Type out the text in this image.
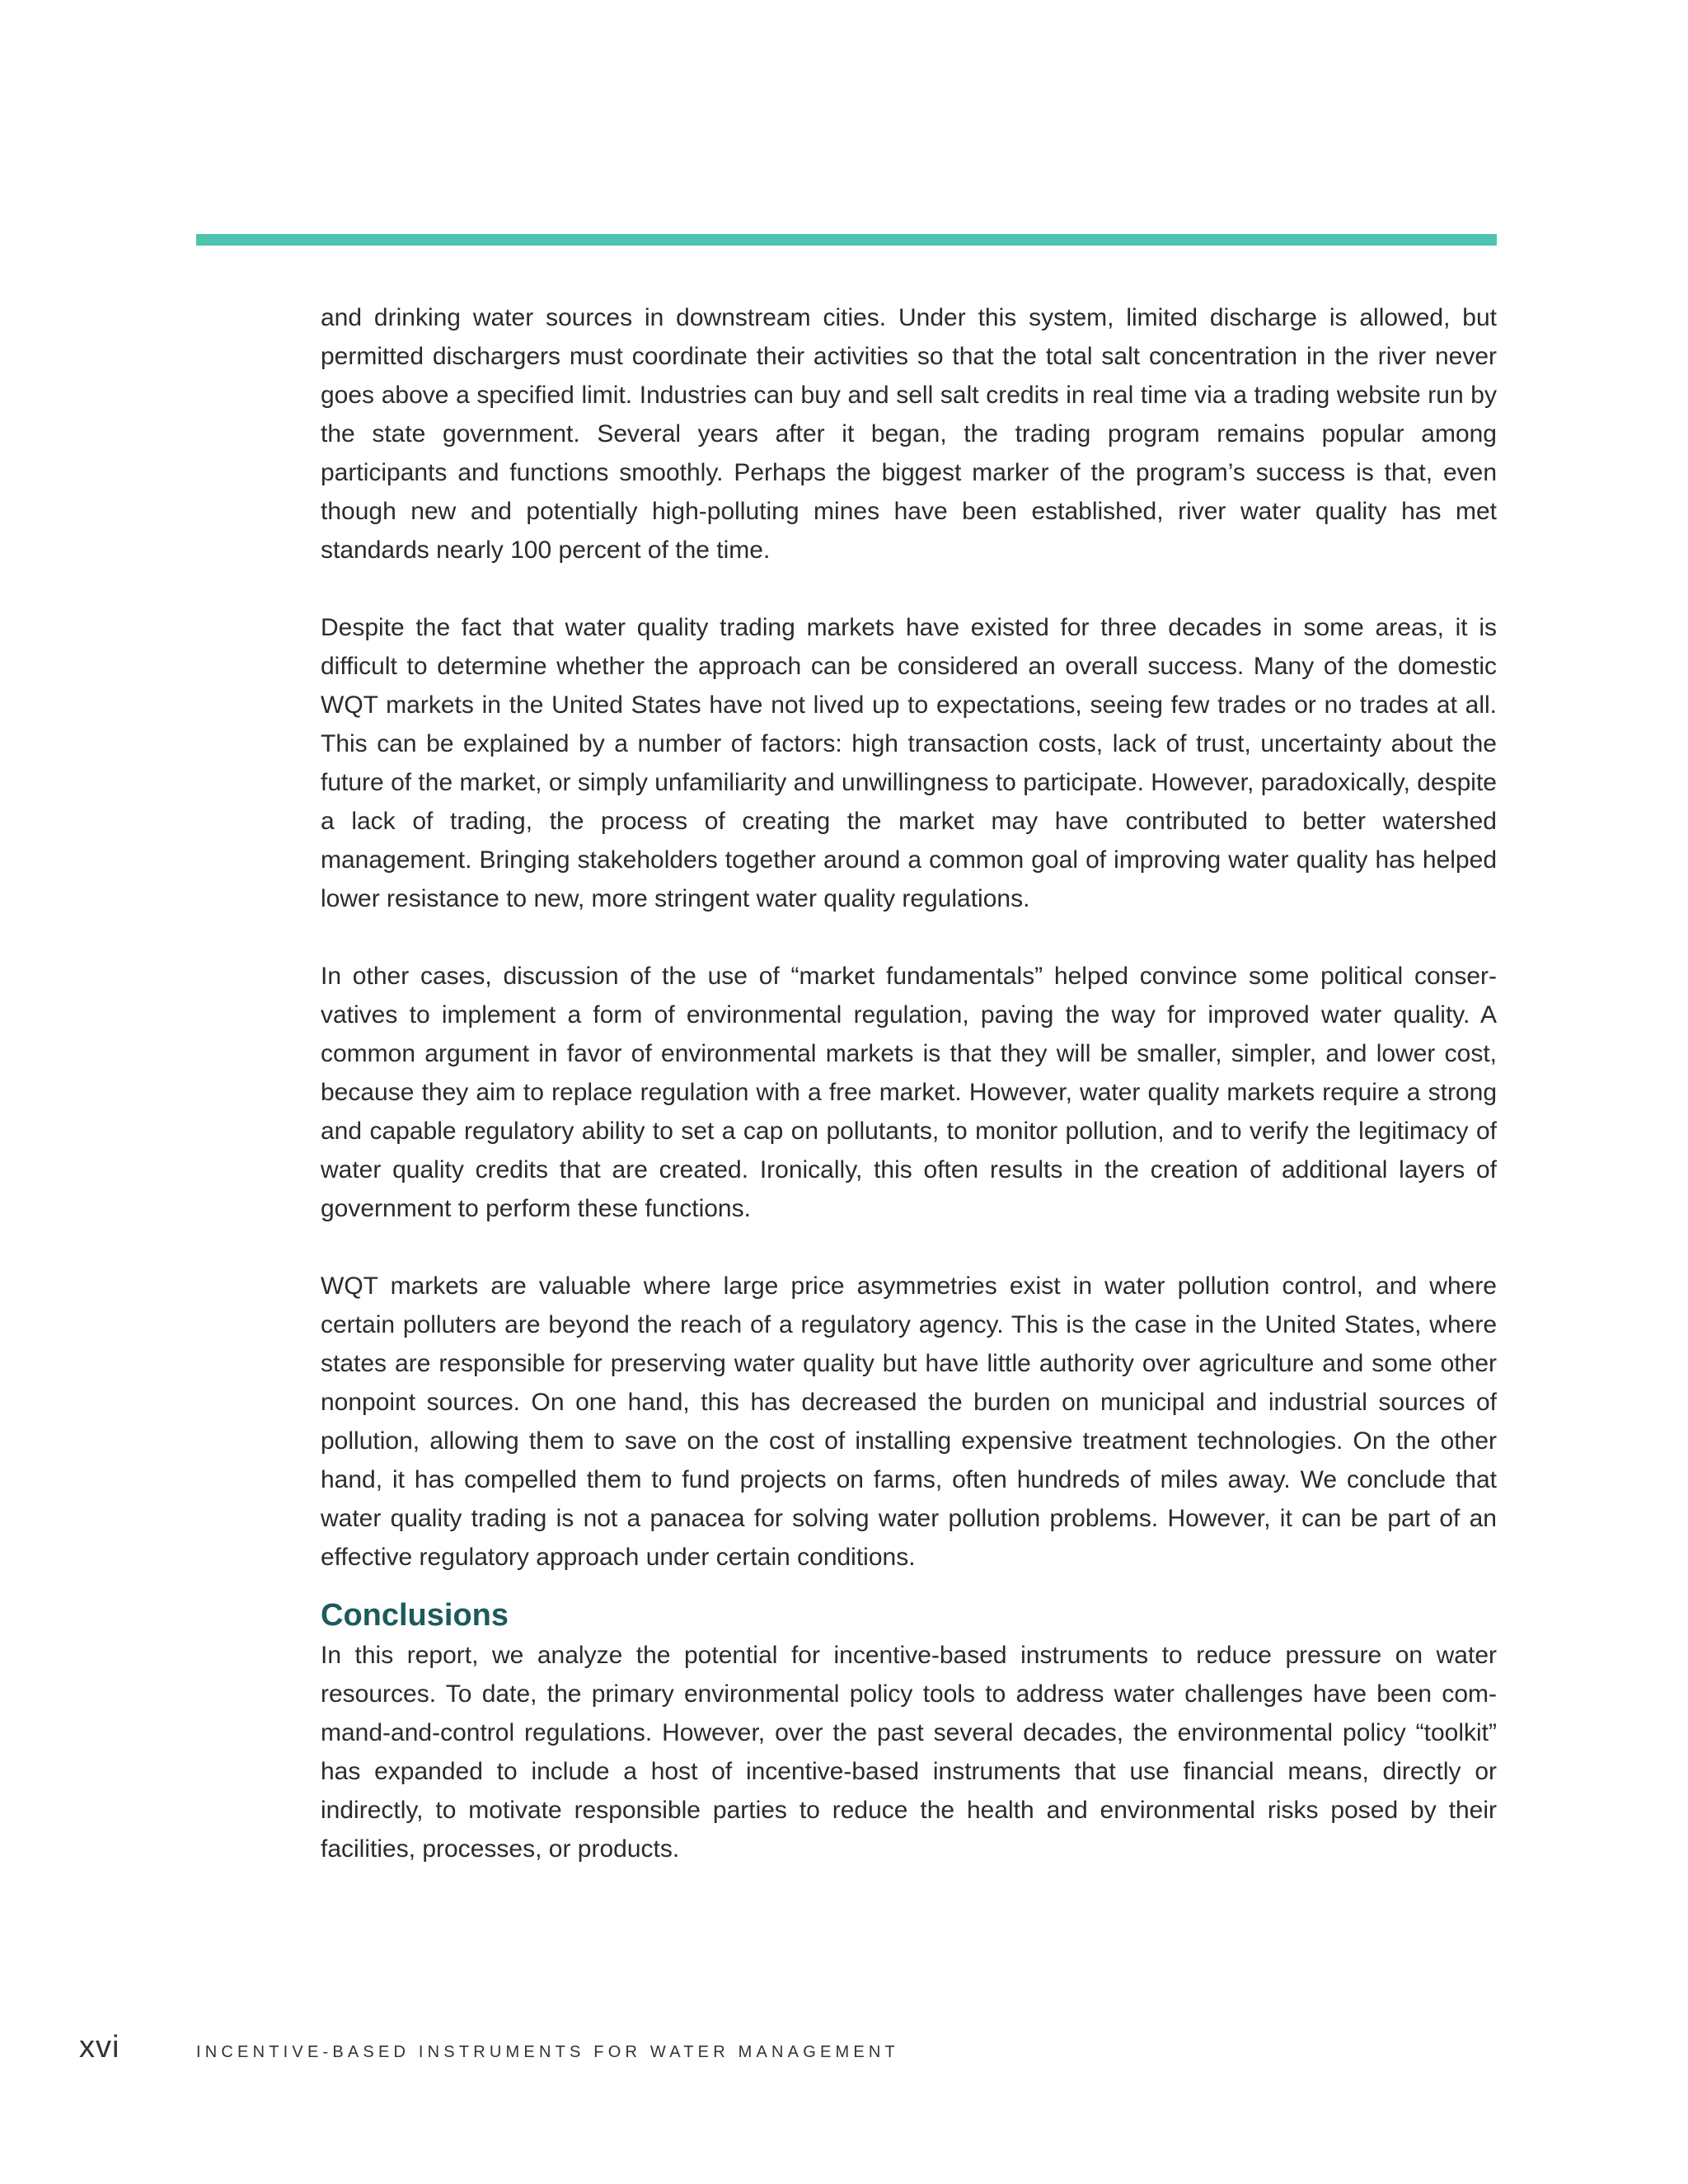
and drinking water sources in downstream cities. Under this system, limited discharge is allowed, but permitted dischargers must coordinate their activities so that the total salt concentration in the river never goes above a specified limit. Industries can buy and sell salt credits in real time via a trading website run by the state government. Several years after it began, the trading program remains popular among participants and functions smoothly. Perhaps the biggest marker of the program’s success is that, even though new and potentially high-polluting mines have been established, river water quality has met standards nearly 100 percent of the time.

Despite the fact that water quality trading markets have existed for three decades in some areas, it is difficult to determine whether the approach can be considered an overall success. Many of the domestic WQT markets in the United States have not lived up to expectations, seeing few trades or no trades at all. This can be explained by a number of factors: high transaction costs, lack of trust, uncertainty about the future of the market, or simply unfamiliarity and unwillingness to participate. However, paradoxically, despite a lack of trading, the process of creating the market may have contributed to better watershed management. Bringing stakeholders together around a common goal of improving water quality has helped lower resistance to new, more stringent water quality regulations.

In other cases, discussion of the use of “market fundamentals” helped convince some political conservatives to implement a form of environmental regulation, paving the way for improved water quality. A common argument in favor of environmental markets is that they will be smaller, simpler, and lower cost, because they aim to replace regulation with a free market. However, water quality markets require a strong and capable regulatory ability to set a cap on pollutants, to monitor pollution, and to verify the legitimacy of water quality credits that are created. Ironically, this often results in the creation of additional layers of government to perform these functions.

WQT markets are valuable where large price asymmetries exist in water pollution control, and where certain polluters are beyond the reach of a regulatory agency. This is the case in the United States, where states are responsible for preserving water quality but have little authority over agriculture and some other nonpoint sources. On one hand, this has decreased the burden on municipal and industrial sources of pollution, allowing them to save on the cost of installing expensive treatment technologies. On the other hand, it has compelled them to fund projects on farms, often hundreds of miles away. We conclude that water quality trading is not a panacea for solving water pollution problems. However, it can be part of an effective regulatory approach under certain conditions.

Conclusions

In this report, we analyze the potential for incentive-based instruments to reduce pressure on water resources. To date, the primary environmental policy tools to address water challenges have been command-and-control regulations. However, over the past several decades, the environmental policy “toolkit” has expanded to include a host of incentive-based instruments that use financial means, directly or indirectly, to motivate responsible parties to reduce the health and environmental risks posed by their facilities, processes, or products.

xvi	INCENTIVE-BASED INSTRUMENTS FOR WATER MANAGEMENT
